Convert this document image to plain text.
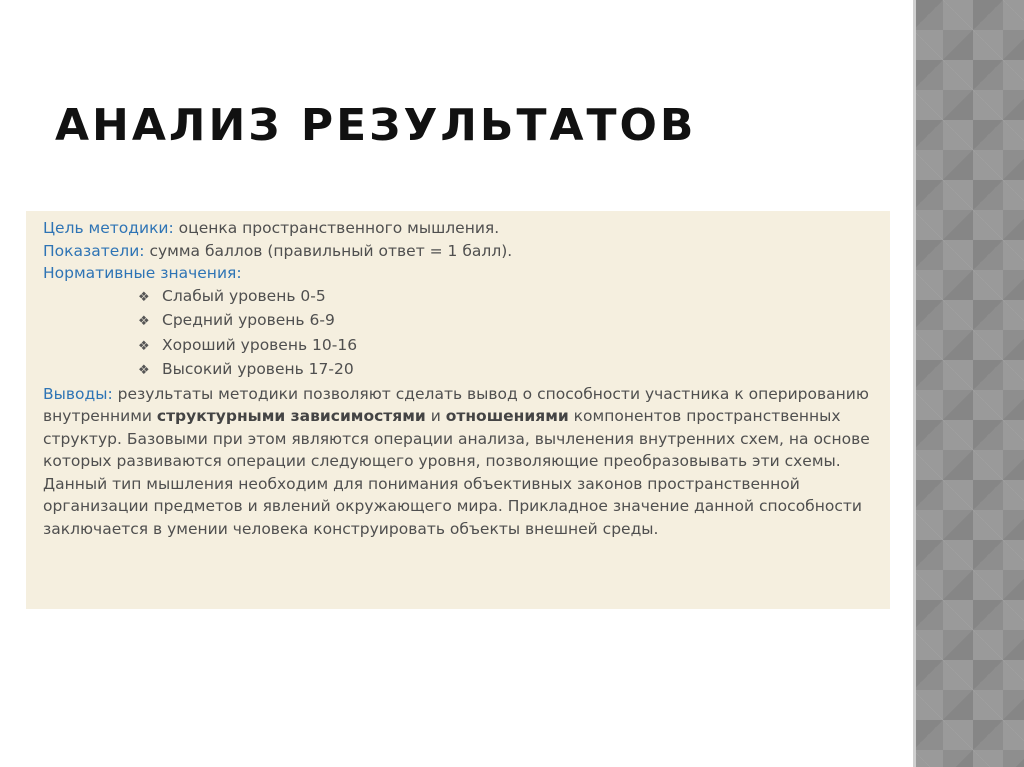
АНАЛИЗ РЕЗУЛЬТАТОВ

Цель методики: оценка пространственного мышления.

Показатели: сумма баллов (правильный ответ = 1 балл).

Нормативные значения:

❖ Слабый уровень 0-5
❖ Средний уровень 6-9
❖ Хороший уровень 10-16
❖ Высокий уровень 17-20

Выводы: результаты методики позволяют сделать вывод о способности участника к оперированию внутренними структурными зависимостями и отношениями компонентов пространственных структур. Базовыми при этом являются операции анализа, вычленения внутренних схем, на основе которых развиваются операции следующего уровня, позволяющие преобразовывать эти схемы. Данный тип мышления необходим для понимания объективных законов пространственной организации предметов и явлений окружающего мира. Прикладное значение данной способности заключается в умении человека конструировать объекты внешней среды.
